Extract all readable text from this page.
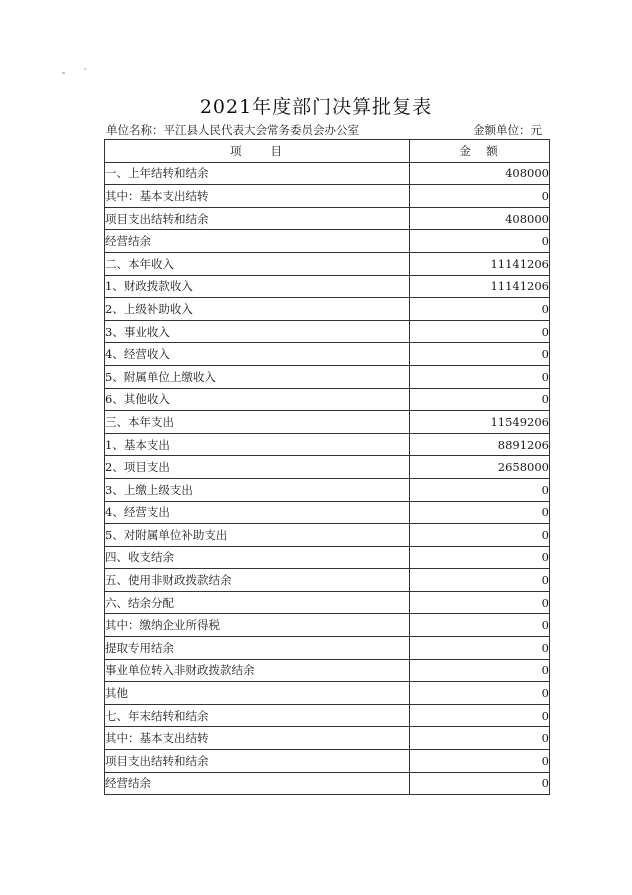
2021年度部门决算批复表
单位名称：平江县人民代表大会常务委员会办公室	金额单位：元
项　　目	金　额
一、上年结转和结余	408000
其中：基本支出结转	0
项目支出结转和结余	408000
经营结余	0
二、本年收入	11141206
1、财政拨款收入	11141206
2、上级补助收入	0
3、事业收入	0
4、经营收入	0
5、附属单位上缴收入	0
6、其他收入	0
三、本年支出	11549206
1、基本支出	8891206
2、项目支出	2658000
3、上缴上级支出	0
4、经营支出	0
5、对附属单位补助支出	0
四、收支结余	0
五、使用非财政拨款结余	0
六、结余分配	0
其中：缴纳企业所得税	0
提取专用结余	0
事业单位转入非财政拨款结余	0
其他	0
七、年末结转和结余	0
其中：基本支出结转	0
项目支出结转和结余	0
经营结余	0
